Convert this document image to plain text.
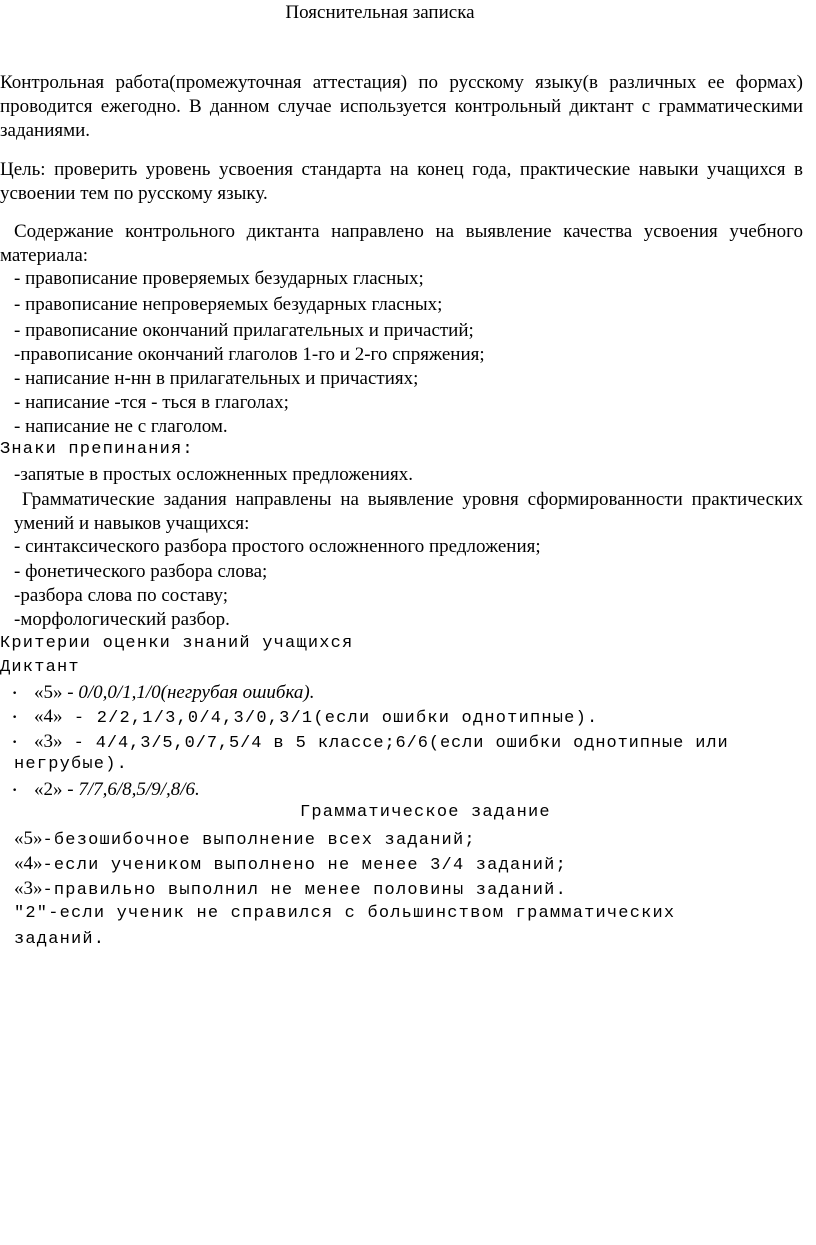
Пояснительная записка
Контрольная работа(промежуточная аттестация) по русскому языку(в различных ее формах) проводится ежегодно. В данном случае используется контрольный диктант с грамматическими заданиями.
Цель: проверить уровень усвоения стандарта на конец года, практические навыки учащихся в усвоении тем по русскому языку.
Содержание контрольного диктанта направлено на выявление качества усвоения учебного материала:
- правописание проверяемых безударных гласных;
- правописание непроверяемых безударных гласных;
- правописание окончаний прилагательных и причастий;
-правописание окончаний глаголов 1-го и 2-го спряжения;
- написание н-нн в прилагательных и причастиях;
- написание -тся - ться в глаголах;
- написание не с глаголом.
Знаки препинания:
-запятые в простых осложненных предложениях.
Грамматические задания направлены на выявление уровня сформированности практических умений и навыков учащихся:
- синтаксического разбора простого осложненного предложения;
- фонетического разбора слова;
-разбора слова по составу;
-морфологический разбор.
Критерии оценки знаний учащихся
Диктант
• «5» - 0/0,0/1,1/0(негрубая ошибка).
• «4» - 2/2,1/3,0/4,3/0,3/1(если ошибки однотипные).
• «3» - 4/4,3/5,0/7,5/4 в 5 классе;6/6(если ошибки однотипные или
негрубые).
• «2» - 7/7,6/8,5/9/,8/6.
Грамматическое задание
«5»-безошибочное выполнение всех заданий;
«4»-если учеником выполнено не менее 3/4 заданий;
«3»-правильно выполнил не менее половины заданий.
"2"-если ученик не справился с большинством грамматических
заданий.
